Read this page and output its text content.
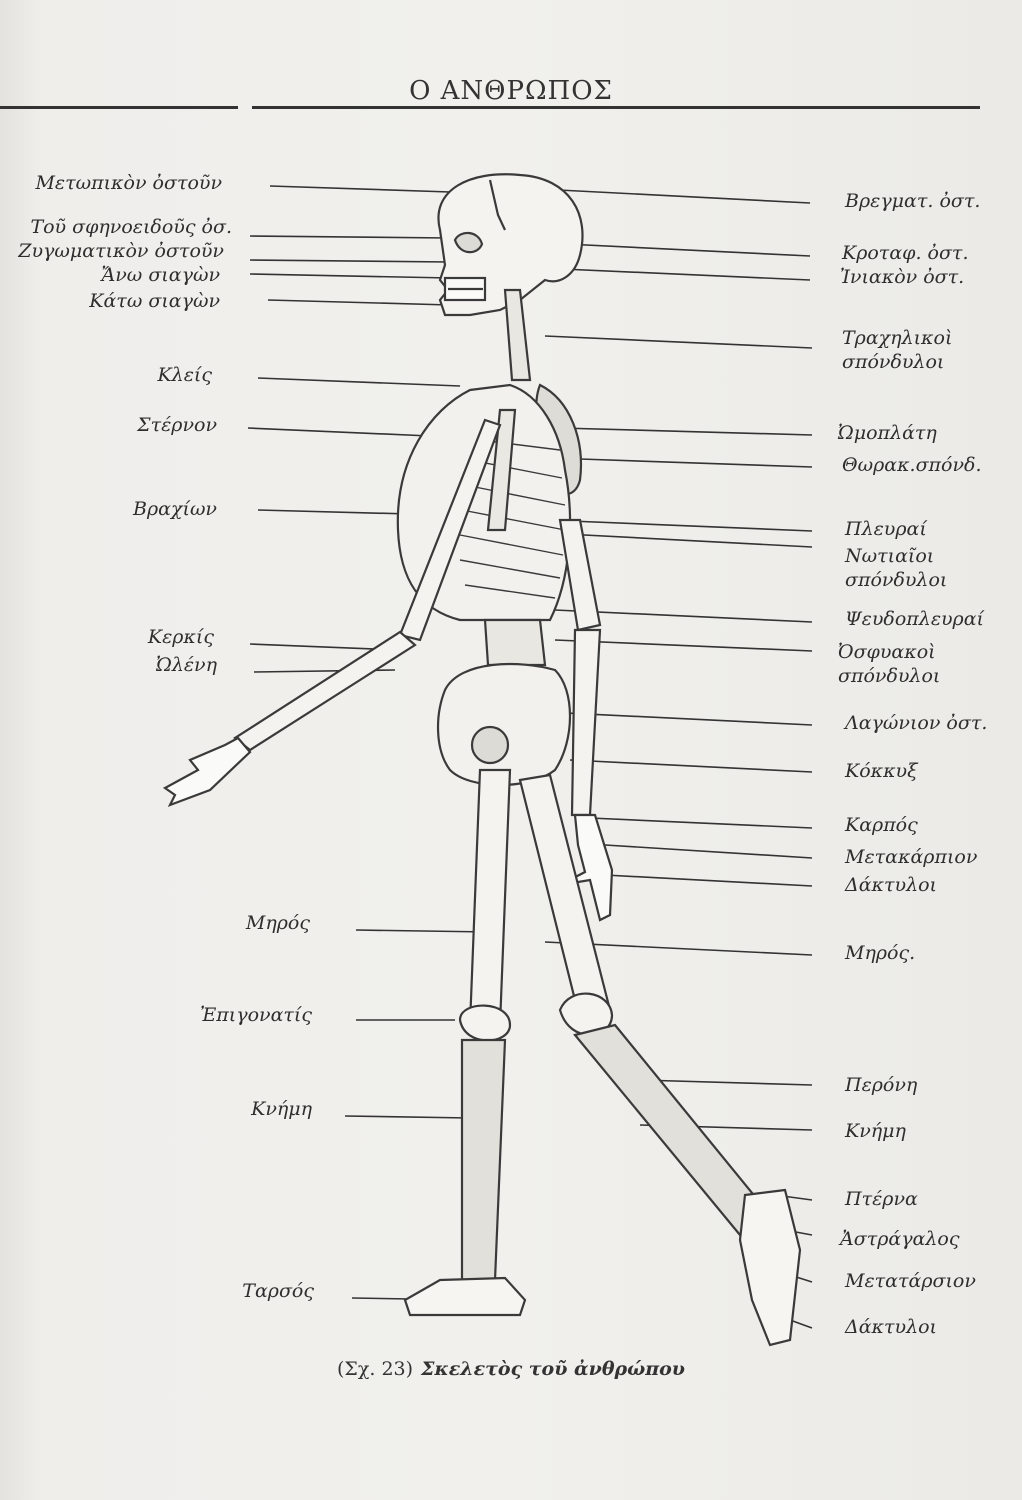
Ο ΑΝΘΡΩΠΟΣ
Μετωπικὸν ὀστοῦν
Τοῦ σφηνοειδοῦς ὀσ.
Ζυγωματικὸν ὀστοῦν
Ἄνω σιαγὼν
Κάτω σιαγὼν
Κλείς
Στέρνον
Βραχίων
Κερκίς
Ὠλένη
Μηρός
Ἐπιγονατίς
Κνήμη
Ταρσός
Βρεγματ. ὀστ.
Κροταφ. ὀστ.
Ἰνιακὸν ὀστ.
Τραχηλικοὶ σπόνδυλοι
Ὠμοπλάτη
Θωρακ.σπόνδ.
Πλευραί
Νωτιαῖοι σπόνδυλοι
Ψευδοπλευραί
Ὀσφυακοὶ σπόνδυλοι
Λαγώνιον ὀστ.
Κόκκυξ
Καρπός
Μετακάρπιον
Δάκτυλοι
Μηρός.
Περόνη
Κνήμη
Πτέρνα
Ἀστράγαλος
Μετατάρσιον
Δάκτυλοι
(Σχ. 23) Σκελετὸς τοῦ ἀνθρώπου
